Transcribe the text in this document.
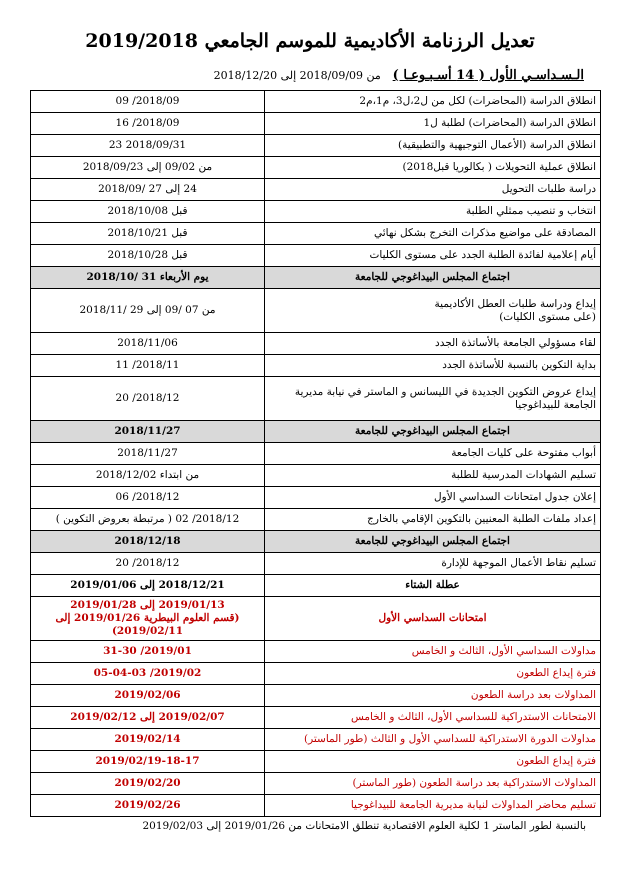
تعديل الرزنامة الأكاديمية للموسم الجامعي 2019/2018
الـسـداسـي الأول ( 14 أسـبـوعـا ) من 2018/09/09 إلى 2018/12/20
انطلاق الدراسة (المحاضرات) لكل من ل2،ل3، م1،م2	2018/09/ 09
انطلاق الدراسة (المحاضرات) لطلبة ل1	2018/09/ 16
انطلاق الدراسة (الأعمال التوجيهية والتطبيقية)	2018/09/31 23
انطلاق عملية التحويلات ( بكالوريا قبل2018)	من 09/02 إلى 2018/09/23
دراسة طلبات التحويل	24 إلى 27 /2018/09
انتخاب و تنصيب ممثلي الطلبة	قبل 2018/10/08
المصادقة على مواضيع مذكرات التخرج بشكل نهائي	قبل 2018/10/21
أيام إعلامية لفائدة الطلبة الجدد على مستوى الكليات	قبل 2018/10/28
اجتماع المجلس البيداغوجي للجامعة	يوم الأربعاء 31 /2018/10
إيداع ودراسة طلبات العطل الأكاديمية
(على مستوى الكليات)	من 07 /09 إلى 29 /2018/11
لقاء مسؤولي الجامعة بالأساتذة الجدد	2018/11/06
بداية التكوين بالنسبة للأساتذة الجدد	2018/11/ 11
إيداع عروض التكوين الجديدة في الليسانس و الماستر في نيابة مديرية الجامعة للبيداغوجيا	2018/12/ 20
اجتماع المجلس البيداغوجي للجامعة	2018/11/27
أبواب مفتوحة على كليات الجامعة	2018/11/27
تسليم الشهادات المدرسية للطلبة	من ابتداء 2018/12/02
إعلان جدول امتحانات السداسي الأول	2018/12/ 06
إعداد ملفات الطلبة المعنيين بالتكوين الإقامي بالخارج	2018/12/ 02 ( مرتبطة بعروض التكوين )
اجتماع المجلس البيداغوجي للجامعة	2018/12/18
تسليم نقاط الأعمال الموجهة للإدارة	2018/12/ 20
عطلة الشتاء	2018/12/21 إلى 2019/01/06
امتحانات السداسي الأول	2019/01/13 إلى 2019/01/28
(قسم العلوم البيطرية 2019/01/26 إلى 2019/02/11)
مداولات السداسي الأول، الثالث و الخامس	2019/01/ 31-30
فترة إيداع الطعون	2019/02/ 05-04-03
المداولات بعد دراسة الطعون	2019/02/06
الامتحانات الاستدراكية للسداسي الأول، الثالث و الخامس	2019/02/07 إلى 2019/02/12
مداولات الدورة الاستدراكية للسداسي الأول و الثالث (طور الماستر)	2019/02/14
فترة إيداع الطعون	2019/02/19-18-17
المداولات الاستدراكية بعد دراسة الطعون (طور الماستر)	2019/02/20
تسليم محاضر المداولات لنيابة مديرية الجامعة للبيداغوجيا	2019/02/26
بالنسبة لطور الماستر 1 لكلية العلوم الاقتصادية تنطلق الامتحانات من 2019/01/26 إلى 2019/02/03
